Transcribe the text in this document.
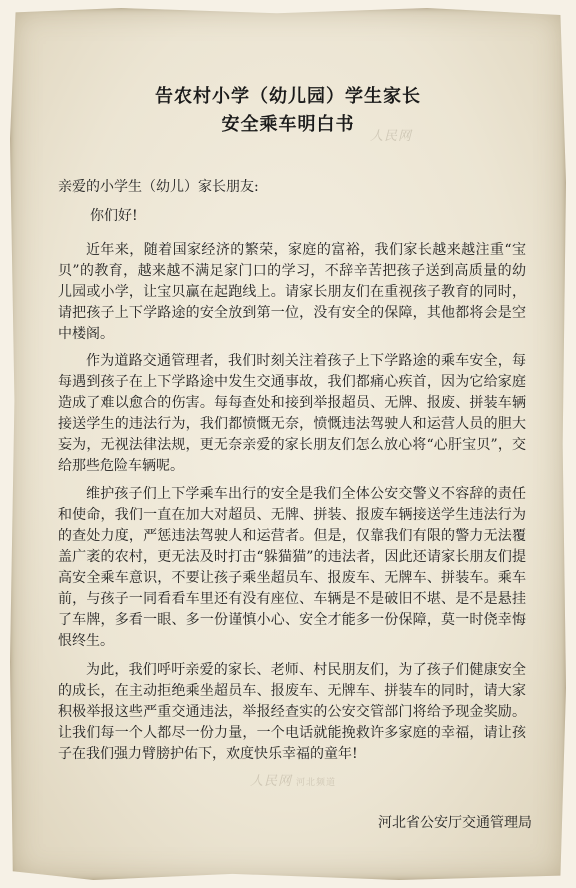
人民网
人民网 河北频道
告农村小学（幼儿园）学生家长
安全乘车明白书

亲爱的小学生（幼儿）家长朋友:

你们好!

近年来，随着国家经济的繁荣，家庭的富裕，我们家长越来越注重“宝贝”的教育，越来越不满足家门口的学习，不辞辛苦把孩子送到高质量的幼儿园或小学，让宝贝赢在起跑线上。请家长朋友们在重视孩子教育的同时，请把孩子上下学路途的安全放到第一位，没有安全的保障，其他都将会是空中楼阁。

作为道路交通管理者，我们时刻关注着孩子上下学路途的乘车安全，每每遇到孩子在上下学路途中发生交通事故，我们都痛心疾首，因为它给家庭造成了难以愈合的伤害。每每查处和接到举报超员、无牌、报废、拼装车辆接送学生的违法行为，我们都愤慨无奈，愤慨违法驾驶人和运营人员的胆大妄为，无视法律法规，更无奈亲爱的家长朋友们怎么放心将“心肝宝贝”，交给那些危险车辆呢。

维护孩子们上下学乘车出行的安全是我们全体公安交警义不容辞的责任和使命，我们一直在加大对超员、无牌、拼装、报废车辆接送学生违法行为的查处力度，严惩违法驾驶人和运营者。但是，仅靠我们有限的警力无法覆盖广袤的农村，更无法及时打击“躲猫猫”的违法者，因此还请家长朋友们提高安全乘车意识，不要让孩子乘坐超员车、报废车、无牌车、拼装车。乘车前，与孩子一同看看车里还有没有座位、车辆是不是破旧不堪、是不是悬挂了车牌，多看一眼、多一份谨慎小心、安全才能多一份保障，莫一时侥幸悔恨终生。

为此，我们呼吁亲爱的家长、老师、村民朋友们，为了孩子们健康安全的成长，在主动拒绝乘坐超员车、报废车、无牌车、拼装车的同时，请大家积极举报这些严重交通违法，举报经查实的公安交管部门将给予现金奖励。让我们每一个人都尽一份力量，一个电话就能挽救许多家庭的幸福，请让孩子在我们强力臂膀护佑下，欢度快乐幸福的童年!

河北省公安厅交通管理局
